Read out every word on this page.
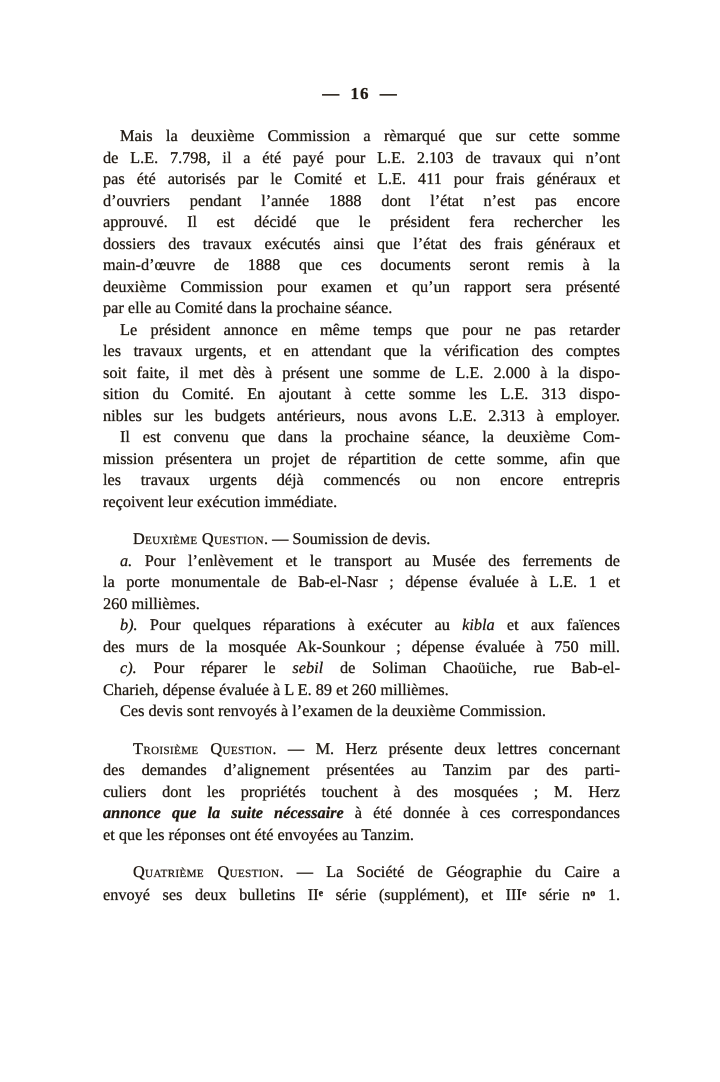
— 16 —
Mais la deuxième Commission a rèmarqué que sur cette somme
de L.E. 7.798, il a été payé pour L.E. 2.103 de travaux qui n’ont
pas été autorisés par le Comité et L.E. 411 pour frais généraux et
d’ouvriers pendant l’année 1888 dont l’état n’est pas encore
approuvé. Il est décidé que le président fera rechercher les
dossiers des travaux exécutés ainsi que l’état des frais généraux et
main-d’œuvre de 1888 que ces documents seront remis à la
deuxième Commission pour examen et qu’un rapport sera présenté
par elle au Comité dans la prochaine séance.
Le président annonce en même temps que pour ne pas retarder
les travaux urgents, et en attendant que la vérification des comptes
soit faite, il met dès à présent une somme de L.E. 2.000 à la dispo-
sition du Comité. En ajoutant à cette somme les L.E. 313 dispo-
nibles sur les budgets antérieurs, nous avons L.E. 2.313 à employer.
Il est convenu que dans la prochaine séance, la deuxième Com-
mission présentera un projet de répartition de cette somme, afin que
les travaux urgents déjà commencés ou non encore entrepris
reçoivent leur exécution immédiate.
Deuxième Question. — Soumission de devis.
a. Pour l’enlèvement et le transport au Musée des ferrements de
la porte monumentale de Bab-el-Nasr ; dépense évaluée à L.E. 1 et
260 millièmes.
b). Pour quelques réparations à exécuter au kibla et aux faïences
des murs de la mosquée Ak-Sounkour ; dépense évaluée à 750 mill.
c). Pour réparer le sebil de Soliman Chaoüiche, rue Bab-el-
Charieh, dépense évaluée à L E. 89 et 260 millièmes.
Ces devis sont renvoyés à l’examen de la deuxième Commission.
Troisième Question. — M. Herz présente deux lettres concernant
des demandes d’alignement présentées au Tanzim par des parti-
culiers dont les propriétés touchent à des mosquées ; M. Herz
annonce que la suite nécessaire à été donnée à ces correspondances
et que les réponses ont été envoyées au Tanzim.
Quatrième Question. — La Société de Géographie du Caire a
envoyé ses deux bulletins IIe série (supplément), et IIIe série $n^o$ 1.
